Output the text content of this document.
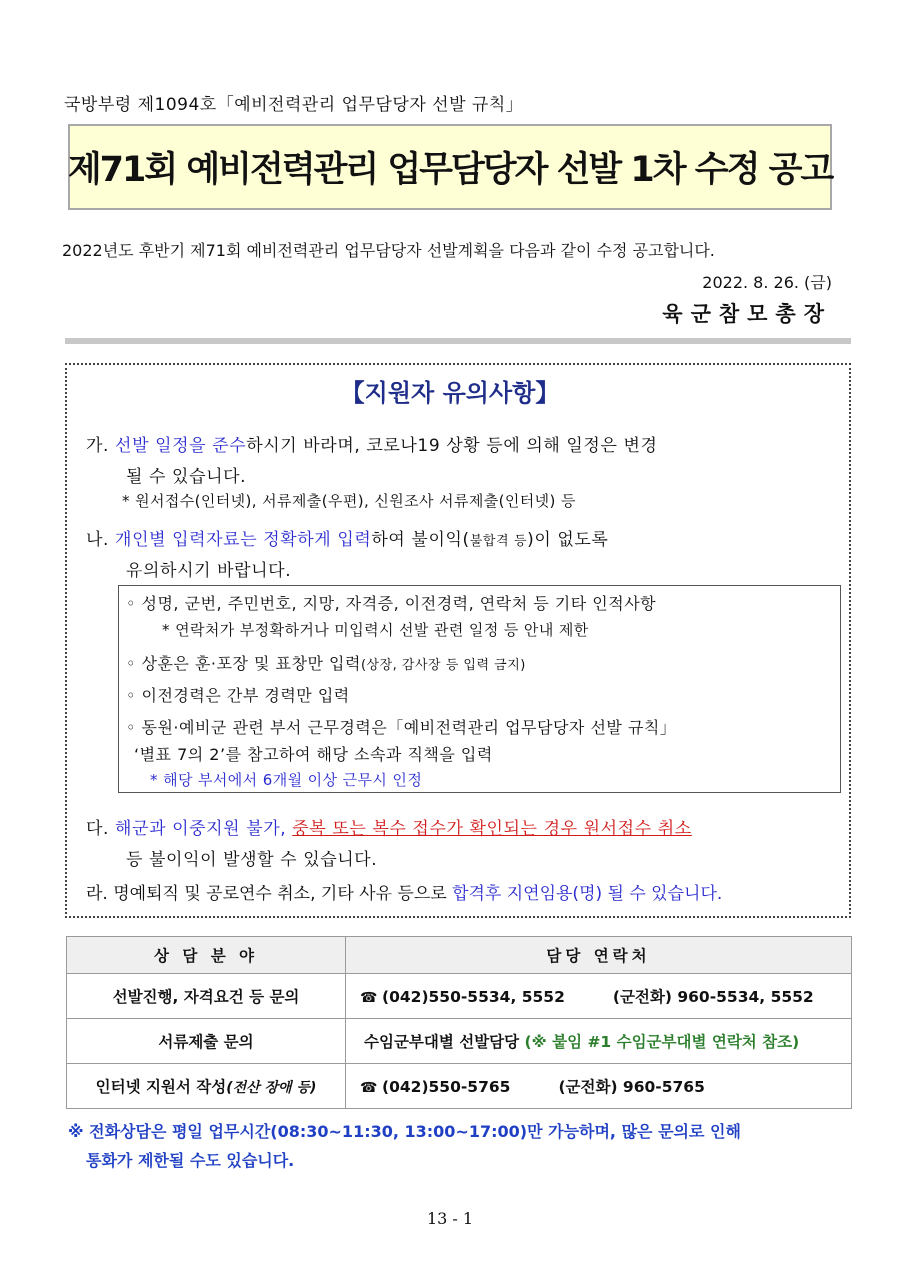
국방부령 제1094호「예비전력관리 업무담당자 선발 규칙」
제71회 예비전력관리 업무담당자 선발 1차 수정 공고
2022년도 후반기 제71회 예비전력관리 업무담당자 선발계획을 다음과 같이 수정 공고합니다.
2022. 8. 26. (금)
육군참모총장
【지원자 유의사항】
가. 선발 일정을 준수하시기 바라며, 코로나19 상황 등에 의해 일정은 변경
될 수 있습니다.
* 원서접수(인터넷), 서류제출(우편), 신원조사 서류제출(인터넷) 등
나. 개인별 입력자료는 정확하게 입력하여 불이익(불합격 등)이 없도록
유의하시기 바랍니다.
◦ 성명, 군번, 주민번호, 지망, 자격증, 이전경력, 연락처 등 기타 인적사항
* 연락처가 부정확하거나 미입력시 선발 관련 일정 등 안내 제한
◦ 상훈은 훈·포장 및 표창만 입력(상장, 감사장 등 입력 금지)
◦ 이전경력은 간부 경력만 입력
◦ 동원·예비군 관련 부서 근무경력은「예비전력관리 업무담당자 선발 규칙」
‘별표 7의 2’를 참고하여 해당 소속과 직책을 입력
* 해당 부서에서 6개월 이상 근무시 인정
다. 해군과 이중지원 불가, 중복 또는 복수 접수가 확인되는 경우 원서접수 취소
등 불이익이 발생할 수 있습니다.
라. 명예퇴직 및 공로연수 취소, 기타 사유 등으로 합격후 지연임용(명) 될 수 있습니다.
상 담 분 야	담당 연락처
선발진행, 자격요건 등 문의	☎ (042)550-5534, 5552 (군전화) 960-5534, 5552
서류제출 문의	수임군부대별 선발담당 (※ 붙임 #1 수임군부대별 연락처 참조)
인터넷 지원서 작성(전산 장애 등)	☎ (042)550-5765 (군전화) 960-5765
※ 전화상담은 평일 업무시간(08:30~11:30, 13:00~17:00)만 가능하며, 많은 문의로 인해
통화가 제한될 수도 있습니다.
13 - 1
